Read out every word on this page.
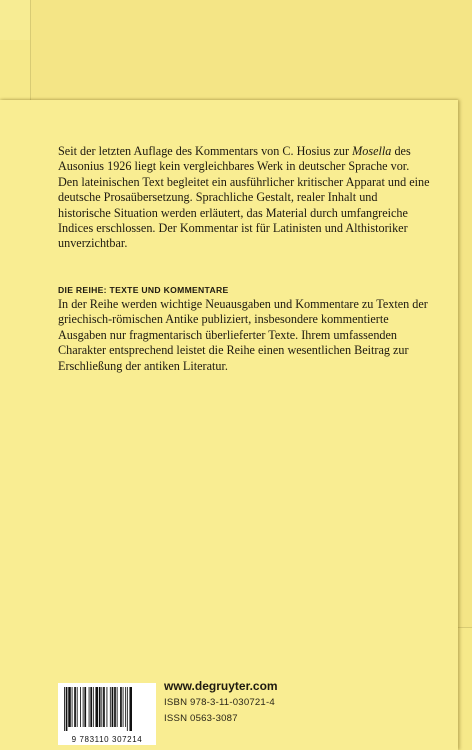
Seit der letzten Auflage des Kommentars von C. Hosius zur Mosella des Ausonius 1926 liegt kein vergleichbares Werk in deutscher Sprache vor. Den lateinischen Text begleitet ein ausführlicher kritischer Apparat und eine deutsche Prosaübersetzung. Sprachliche Gestalt, realer Inhalt und historische Situation werden erläutert, das Material durch umfangreiche Indices erschlossen. Der Kommentar ist für Latinisten und Althistoriker unverzichtbar.

DIE REIHE: TEXTE UND KOMMENTARE

In der Reihe werden wichtige Neuausgaben und Kommentare zu Texten der griechisch-römischen Antike publiziert, insbesondere kommentierte Ausgaben nur fragmentarisch überlieferter Texte. Ihrem umfassenden Charakter entsprechend leistet die Reihe einen wesentlichen Beitrag zur Erschließung der antiken Literatur.

9 783110 307214
www.degruyter.com
ISBN 978-3-11-030721-4
ISSN 0563-3087
